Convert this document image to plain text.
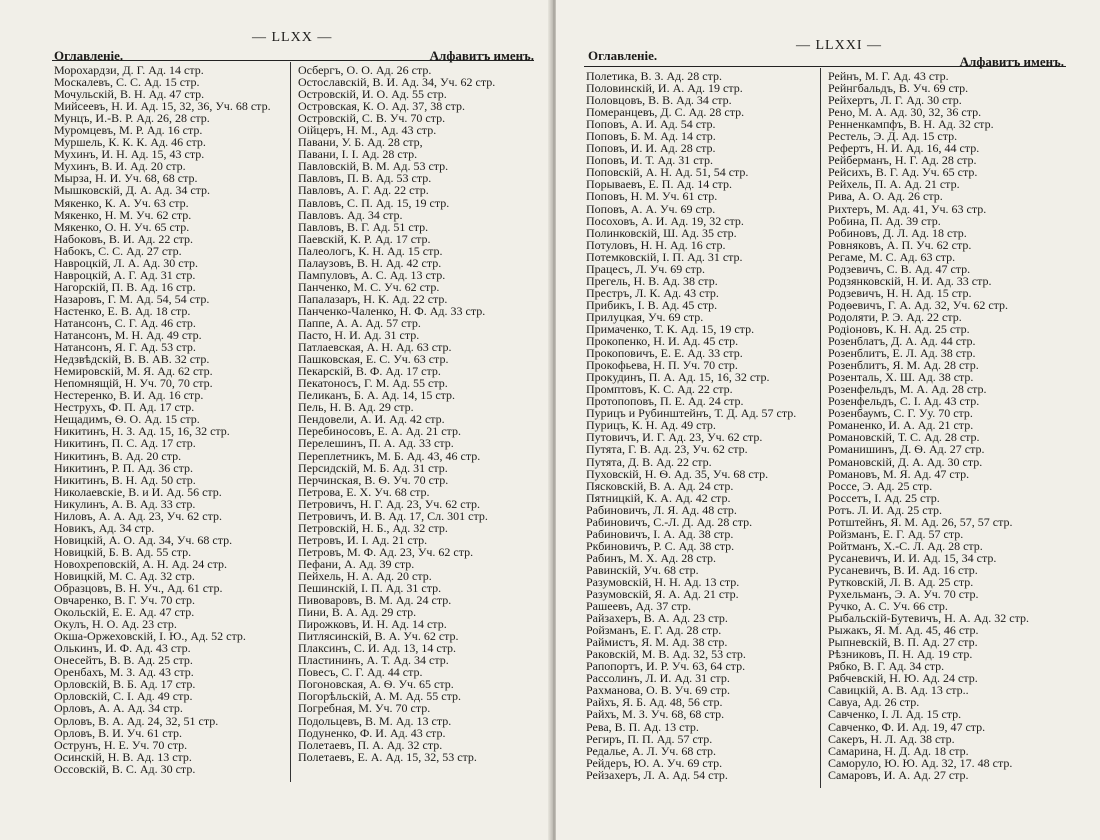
— LLXX —
Оглавленіе.	Алфавитъ именъ.
Морохардзи, Д. Г. Ад. 14 стр.
Москалевъ, С. С. Ад. 15 стр.
Мочульскій, В. Н. Ад. 47 стр.
Мийсеевъ, Н. И. Ад. 15, 32, 36, Уч. 68 стр.
Мунцъ, И.-В. Р. Ад. 26, 28 стр.
Муромцевъ, М. Р. Ад. 16 стр.
Муршель, К. К. К. Ад. 46 стр.
Мухинъ, И. Н. Ад. 15, 43 стр.
Мухинъ, В. И. Ад. 20 стр.
Мырза, Н. И. Уч. 68, 68 стр.
Мышковскій, Д. А. Ад. 34 стр.
Мякенко, К. А. Уч. 63 стр.
Мякенко, Н. М. Уч. 62 стр.
Мякенко, О. Н. Уч. 65 стр.
Набоковъ, В. И. Ад. 22 стр.
Набокъ, С. С. Ад. 27 стр.
Навроцкій, Л. А. Ад. 30 стр.
Навроцкій, А. Г. Ад. 31 стр.
Нагорскій, П. В. Ад. 16 стр.
Назаровъ, Г. М. Ад. 54, 54 стр.
Настенко, Е. В. Ад. 18 стр.
Натансонъ, С. Г. Ад. 46 стр.
Натансонъ, М. Н. Ад. 49 стр.
Натансонъ, Я. Г. Ад. 53 стр.
Недзвѣдскій, В. В. АВ. 32 стр.
Немировскій, М. Я. Ад. 62 стр.
Непомнящій, Н. Уч. 70, 70 стр.
Нестеренко, В. И. Ад. 16 стр.
Неструхъ, Ф. П. Ад. 17 стр.
Нещадимъ, Ѳ. О. Ад. 15 стр.
Никитинъ, Н. З. Ад. 15, 16, 32 стр.
Никитинъ, П. С. Ад. 17 стр.
Никитинъ, В. Ад. 20 стр.
Никитинъ, Р. П. Ад. 36 стр.
Никитинъ, В. Н. Ад. 50 стр.
Николаевскіе, В. и И. Ад. 56 стр.
Никулинъ, А. В. Ад. 33 стр.
Ниловъ, А. А. Ад. 23, Уч. 62 стр.
Новикъ, Ад. 34 стр.
Новицкій, А. О. Ад. 34, Уч. 68 стр.
Новицкій, Б. В. Ад. 55 стр.
Новохреповскій, А. Н. Ад. 24 стр.
Новицкій, М. С. Ад. 32 стр.
Образцовъ, В. Н. Уч., Ад. 61 стр.
Овчаренко, В. Г. Уч. 70 стр.
Окольскій, Е. Е. Ад. 47 стр.
Окулъ, Н. О. Ад. 23 стр.
Окша-Оржеховскій, І. Ю., Ад. 52 стр.
Олькинъ, И. Ф. Ад. 43 стр.
Онесейтъ, В. В. Ад. 25 стр.
Оренбахъ, М. З. Ад. 43 стр.
Орловскій, В. Б. Ад. 17 стр.
Орловскій, С. І. Ад. 49 стр.
Орловъ, А. А. Ад. 34 стр.
Орловъ, В. А. Ад. 24, 32, 51 стр.
Орловъ, В. И. Уч. 61 стр.
Острунъ, Н. Е. Уч. 70 стр.
Осинскій, Н. В. Ад. 13 стр.
Оссовскій, В. С. Ад. 30 стр.
Осбергъ, О. О. Ад. 26 стр.
Остославскій, В. И. Ад. 34, Уч. 62 стр.
Островскій, И. О. Ад. 55 стр.
Островская, К. О. Ад. 37, 38 стр.
Островскій, С. В. Уч. 70 стр.
Оійцеръ, Н. М., Ад. 43 стр.
Павани, У. Б. Ад. 28 стр,
Павани, І. І. Ад. 28 стр.
Павловскій, В. М. Ад. 53 стр.
Павловъ, П. В. Ад. 53 стр.
Павловъ, А. Г. Ад. 22 стр.
Павловъ, С. П. Ад. 15, 19 стр.
Павловъ. Ад. 34 стр.
Павловъ, В. Г. Ад. 51 стр.
Паевскій, К. Р. Ад. 17 стр.
Палеологъ, К. Н. Ад. 15 стр.
Палаузовъ, В. Н. Ад. 42 стр.
Пампуловъ, А. С. Ад. 13 стр.
Панченко, М. С. Уч. 62 стр.
Папалазаръ, Н. К. Ад. 22 стр.
Панченко-Чаленко, Н. Ф. Ад. 33 стр.
Паппе, А. А. Ад. 57 стр.
Пасто, Н. И. Ад. 31 стр.
Патлаевская, А. Н. Ад. 63 стр.
Пашковская, Е. С. Уч. 63 стр.
Пекарскій, В. Ф. Ад. 17 стр.
Пекатоносъ, Г. М. Ад. 55 стр.
Пеликанъ, Б. А. Ад. 14, 15 стр.
Пель, Н. В. Ад. 29 стр.
Пендовели, А. И. Ад. 42 стр.
Перебиносовъ, Е. А. Ад. 21 стр.
Перелешинъ, П. А. Ад. 33 стр.
Переплетникъ, М. Б. Ад. 43, 46 стр.
Персидскій, М. Б. Ад. 31 стр.
Перчинская, В. Ѳ. Уч. 70 стр.
Петрова, Е. Х. Уч. 68 стр.
Петровичъ, Н. Г. Ад. 23, Уч. 62 стр.
Петровичъ, И. В. Ад. 17, Сл. 301 стр.
Петровскій, Н. Б., Ад. 32 стр.
Петровъ, И. І. Ад. 21 стр.
Петровъ, М. Ф. Ад. 23, Уч. 62 стр.
Пефани, А. Ад. 39 стр.
Пейхель, Н. А. Ад. 20 стр.
Пешинскій, І. П. Ад. 31 стр.
Пивоваровъ, В. М. Ад. 24 стр.
Пини, В. А. Ад. 29 стр.
Пирожковъ, И. Н. Ад. 14 стр.
Питлясинскій, В. А. Уч. 62 стр.
Плаксинъ, С. И. Ад. 13, 14 стр.
Пластининъ, А. Т. Ад. 34 стр.
Повесъ, С. Г. Ад. 44 стр.
Погоновская, А. Ѳ. Уч. 65 стр.
Погорѣльскій, А. М. Ад. 55 стр.
Погребная, М. Уч. 70 стр.
Подольцевъ, В. М. Ад. 13 стр.
Подуненко, Ф. И. Ад. 43 стр.
Полетаевъ, П. А. Ад. 32 стр.
Полетаевъ, Е. А. Ад. 15, 32, 53 стр.
— LLXXI —
Оглавленіе.	Алфавитъ именъ.
Полетика, В. З. Ад. 28 стр.
Половинскій, И. А. Ад. 19 стр.
Половцовъ, В. В. Ад. 34 стр.
Померанцевъ, Д. С. Ад. 28 стр.
Поповъ, А. И. Ад. 54 стр.
Поповъ, Б. М. Ад. 14 стр.
Поповъ, И. И. Ад. 28 стр.
Поповъ, И. Т. Ад. 31 стр.
Поповскій, А. Н. Ад. 51, 54 стр.
Порываевъ, Е. П. Ад. 14 стр.
Поповъ, Н. М. Уч. 61 стр.
Поповъ, А. А. Уч. 69 стр.
Посоховъ, А. И. Ад. 19, 32 стр.
Полинковскій, Ш. Ад. 35 стр.
Потуловъ, Н. Н. Ад. 16 стр.
Потемковскій, І. П. Ад. 31 стр.
Працесъ, Л. Уч. 69 стр.
Прегель, Н. В. Ад. 38 стр.
Престръ, Л. К. Ад. 43 стр.
Прибикъ, І. В. Ад. 45 стр.
Прилуцкая, Уч. 69 стр.
Примаченко, Т. К. Ад. 15, 19 стр.
Прокопенко, Н. И. Ад. 45 стр.
Прокоповичъ, Е. Е. Ад. 33 стр.
Прокофьева, Н. П. Уч. 70 стр.
Прокудинъ, П. А. Ад. 15, 16, 32 стр.
Промптовъ, К. С. Ад. 22 стр.
Протопоповъ, П. Е. Ад. 24 стр.
Пурицъ и Рубинштейнъ, Т. Д. Ад. 57 стр.
Пурицъ, К. Н. Ад. 49 стр.
Путовичъ, И. Г. Ад. 23, Уч. 62 стр.
Путята, Г. В. Ад. 23, Уч. 62 стр.
Путята, Д. В. Ад. 22 стр.
Пуховскій, Н. Ѳ. Ад. 35, Уч. 68 стр.
Пясковскій, В. А. Ад. 24 стр.
Пятницкій, К. А. Ад. 42 стр.
Рабиновичъ, Л. Я. Ад. 48 стр.
Рабиновичъ, С.-Л. Д. Ад. 28 стр.
Рабиновичъ, І. А. Ад. 38 стр.
Ркбиновичъ, Р. С. Ад. 38 стр.
Рабинъ, М. Х. Ад. 28 стр.
Равинскій, Уч. 68 стр.
Разумовскій, Н. Н. Ад. 13 стр.
Разумовскій, Я. А. Ад. 21 стр.
Рашеевъ, Ад. 37 стр.
Райзахеръ, В. А. Ад. 23 стр.
Ройзманъ, Е. Г. Ад. 28 стр.
Раймистъ, Я. М. Ад. 38 стр.
Раковскій, М. В. Ад. 32, 53 стр.
Рапопортъ, И. Р. Уч. 63, 64 стр.
Рассолинъ, Л. И. Ад. 31 стр.
Рахманова, О. В. Уч. 69 стр.
Райхъ, Я. Б. Ад. 48, 56 стр.
Райхъ, М. З. Уч. 68, 68 стр.
Рева, В. П. Ад. 13 стр.
Региръ, П. П. Ад. 57 стр.
Редалье, А. Л. Уч. 68 стр.
Рейдеръ, Ю. А. Уч. 69 стр.
Рейзахеръ, Л. А. Ад. 54 стр.
Рейнъ, М. Г. Ад. 43 стр.
Рейнгбальдъ, В. Уч. 69 стр.
Рейхертъ, Л. Г. Ад. 30 стр.
Рено, М. А. Ад. 30, 32, 36 стр.
Ренненкампфъ, В. Н. Ад. 32 стр.
Рестель, Э. Д. Ад. 15 стр.
Рефертъ, Н. И. Ад. 16, 44 стр.
Рейберманъ, Н. Г. Ад. 28 стр.
Рейсихъ, В. Г. Ад. Уч. 65 стр.
Рейхель, П. А. Ад. 21 стр.
Рива, А. О. Ад. 26 стр.
Рихтеръ, М. Ад. 41, Уч. 63 стр.
Робина, П. Ад. 39 стр.
Робиновъ, Д. Л. Ад. 18 стр.
Ровняковъ, А. П. Уч. 62 стр.
Регаме, М. С. Ад. 63 стр.
Родзевичъ, С. В. Ад. 47 стр.
Родзянковскій, Н. И. Ад. 33 стр.
Родзевичъ, Н. Н. Ад. 15 стр.
Родѳевичъ, Г. А. Ад. 32, Уч. 62 стр.
Родоляти, Р. Э. Ад. 22 стр.
Родіоновъ, К. Н. Ад. 25 стр.
Розенблатъ, Д. А. Ад. 44 стр.
Розенблитъ, Е. Л. Ад. 38 стр.
Розенблитъ, Я. М. Ад. 28 стр.
Розенталь, Х. Ш. Ад. 38 стр.
Розенфельдъ, М. А. Ад. 28 стр.
Розенфельдъ, С. І. Ад. 43 стр.
Розенбаумъ, С. Г. Уу. 70 стр.
Романенко, И. А. Ад. 21 стр.
Романовскій, Т. С. Ад. 28 стр.
Романишинъ, Д. Ѳ. Ад. 27 стр.
Романовскій, Д. А. Ад. 30 стр.
Романовъ, М. Я. Ад. 47 стр.
Россе, Э. Ад. 25 стр.
Россетъ, І. Ад. 25 стр.
Ротъ. Л. И. Ад. 25 стр.
Ротштейнъ, Я. М. Ад. 26, 57, 57 стр.
Ройзманъ, Е. Г. Ад. 57 стр.
Ройтманъ, Х.-С. Л. Ад. 28 стр.
Русаневичъ, И. И. Ад. 15, 34 стр.
Русаневичъ, В. И. Ад. 16 стр.
Рутковскій, Л. В. Ад. 25 стр.
Рухельманъ, Э. А. Уч. 70 стр.
Ручко, А. С. Уч. 66 стр.
Рыбальскій-Бутевичъ, Н. А. Ад. 32 стр.
Рыжакъ, Я. М. Ад. 45, 46 стр.
Рыпневскій, В. П. Ад. 27 стр.
Рѣзниковъ, П. Н. Ад. 19 стр.
Рябко, В. Г. Ад. 34 стр.
Рябчевскій, Н. Ю. Ад. 24 стр.
Савицкій, А. В. Ад. 13 стр..
Савуа, Ад. 26 стр.
Савченко, І. Л. Ад. 15 стр.
Савченко, Ф. И. Ад. 19, 47 стр.
Сакеръ, Н. Л. Ад. 38 стр.
Самарина, Н. Д. Ад. 18 стр.
Саморуло, Ю. Ю. Ад. 32, 17. 48 стр.
Самаровъ, И. А. Ад. 27 стр.
